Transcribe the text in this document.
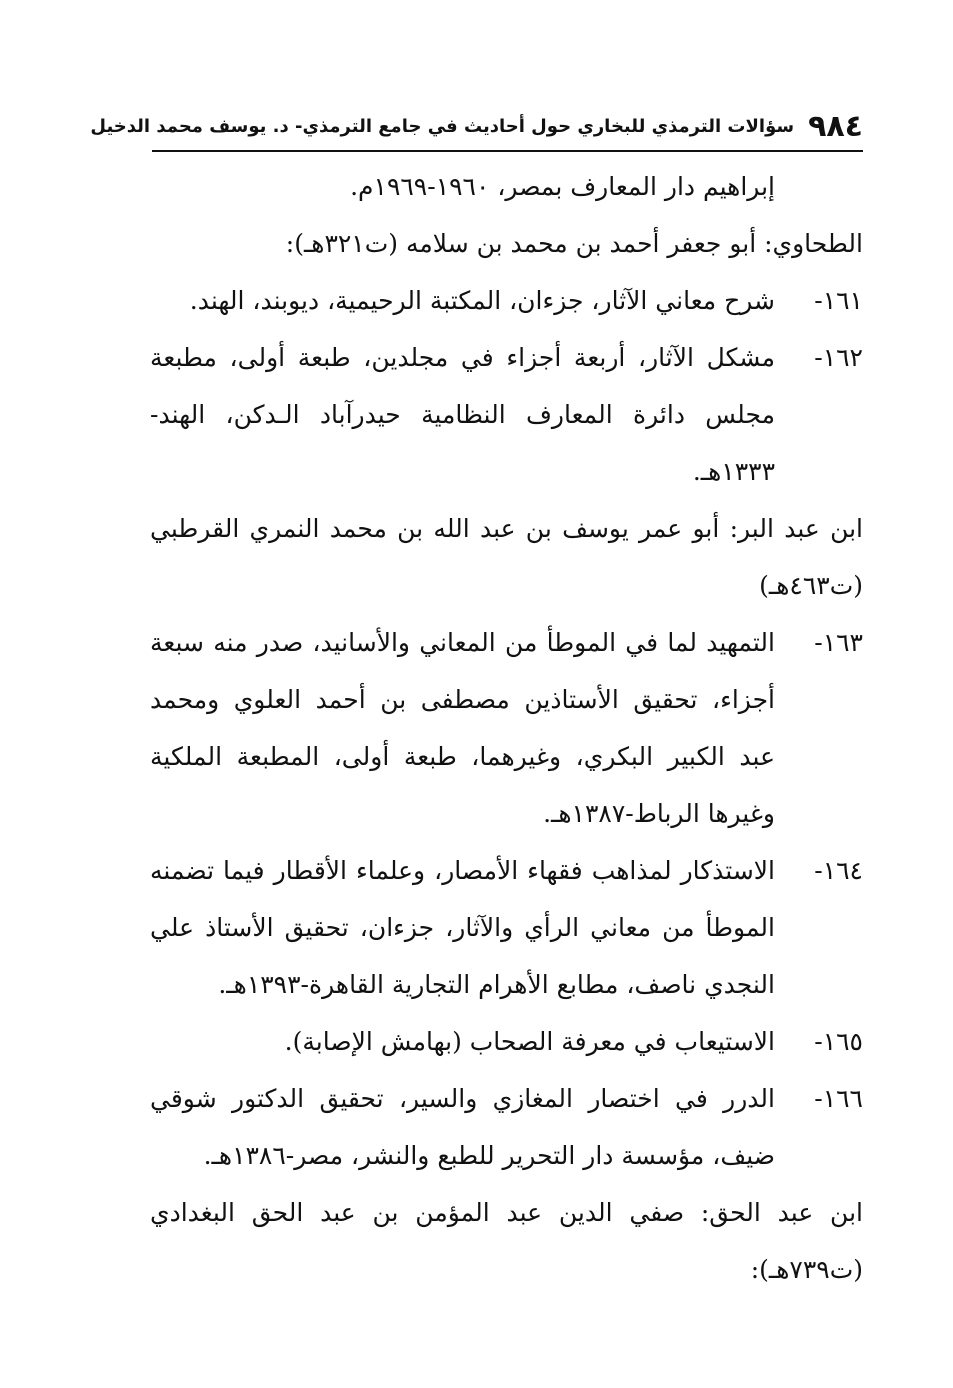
٩٨٤
سؤالات الترمذي للبخاري حول أحاديث في جامع الترمذي- د. يوسف محمد الدخيل
إبراهيم دار المعارف بمصر، ١٩٦٠-١٩٦٩م.
الطحاوي: أبو جعفر أحمد بن محمد بن سلامه (ت٣٢١هـ):
١٦١-
شرح معاني الآثار، جزءان، المكتبة الرحيمية، ديوبند، الهند.
١٦٢-
مشكل الآثار، أربعة أجزاء في مجلدين، طبعة أولى، مطبعة
مجلس دائرة المعارف النظامية حيدرآباد الـدكن، الهند-
١٣٣٣هـ.
ابن عبد البر: أبو عمر يوسف بن عبد الله بن محمد النمري القرطبي
(ت٤٦٣هـ)
١٦٣-
التمهيد لما في الموطأ من المعاني والأسانيد، صدر منه سبعة
أجزاء، تحقيق الأستاذين مصطفى بن أحمد العلوي ومحمد
عبد الكبير البكري، وغيرهما، طبعة أولى، المطبعة الملكية
وغيرها الرباط-١٣٨٧هـ.
١٦٤-
الاستذكار لمذاهب فقهاء الأمصار، وعلماء الأقطار فيما تضمنه
الموطأ من معاني الرأي والآثار، جزءان، تحقيق الأستاذ علي
النجدي ناصف، مطابع الأهرام التجارية القاهرة-١٣٩٣هـ.
١٦٥-
الاستيعاب في معرفة الصحاب (بهامش الإصابة).
١٦٦-
الدرر في اختصار المغازي والسير، تحقيق الدكتور شوقي
ضيف، مؤسسة دار التحرير للطبع والنشر، مصر-١٣٨٦هـ.
ابن عبد الحق: صفي الدين عبد المؤمن بن عبد الحق البغدادي
(ت٧٣٩هـ):
